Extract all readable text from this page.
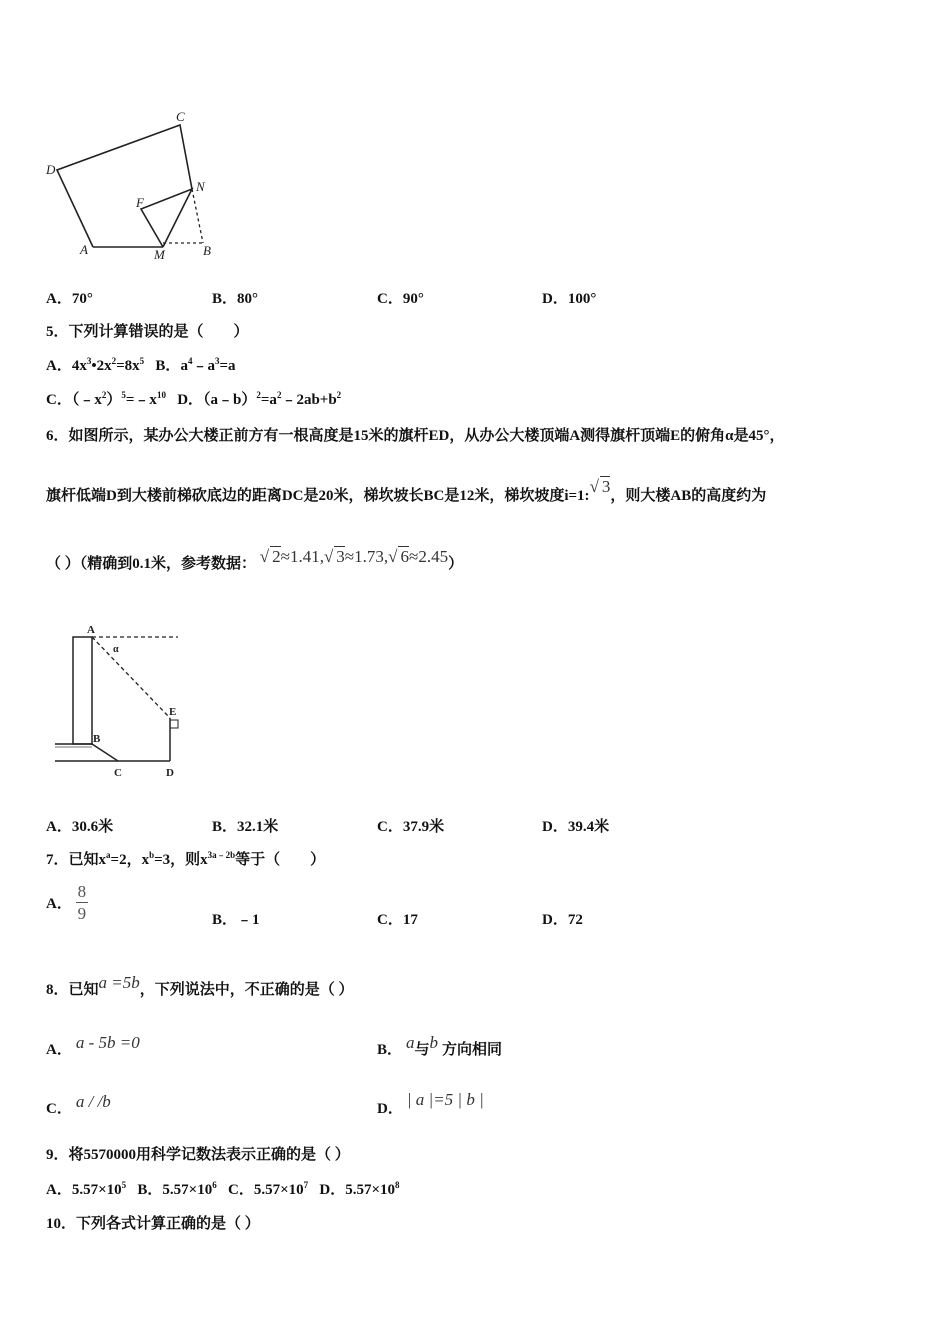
C
D
N
F
A	M	B
A．70°	B．80°	C．90°	D．100°
5．下列计算错误的是（　　）
A．$4x^3•2x^2=8x^5$ B．$a^4﹣a^3=a$
C．$(﹣x^2)^5=﹣x^{10}$ D．$(a﹣b)^2=a^2﹣2ab+b^2$
6．如图所示，某办公大楼正前方有一根高度是15米的旗杆ED，从办公大楼顶端A测得旗杆顶端E的俯角α是45°，
旗杆低端D到大楼前梯砍底边的距离DC是20米，梯坎坡长BC是12米，梯坎坡度i=1:√ 3，则大楼AB的高度约为
（ ）（精确到0.1米，参考数据： √ 2≈1.41,√ 3≈1.73,√ 6≈2.45）
A
α
E
B
C	D
A．30.6米	B．32.1米	C．37.9米	D．39.4米
7．已知$x^a=2$，$x^b=3$，则$x^{3a﹣2b}$等于（　　）
A． $\frac{8}{9}$	B．﹣1	C．17	D．72
8．已知a =5b，下列说法中，不正确的是（ ）
A． a - 5b =0	B． a与b 方向相同
C． a / /b	D． | a |=5 | b |
9．将5570000用科学记数法表示正确的是（ ）
A．$5.57\times 10^5$ B．$5.57\times 10^6$ C．$5.57\times 10^7$ D．$5.57\times 10^8$
10．下列各式计算正确的是（ ）
